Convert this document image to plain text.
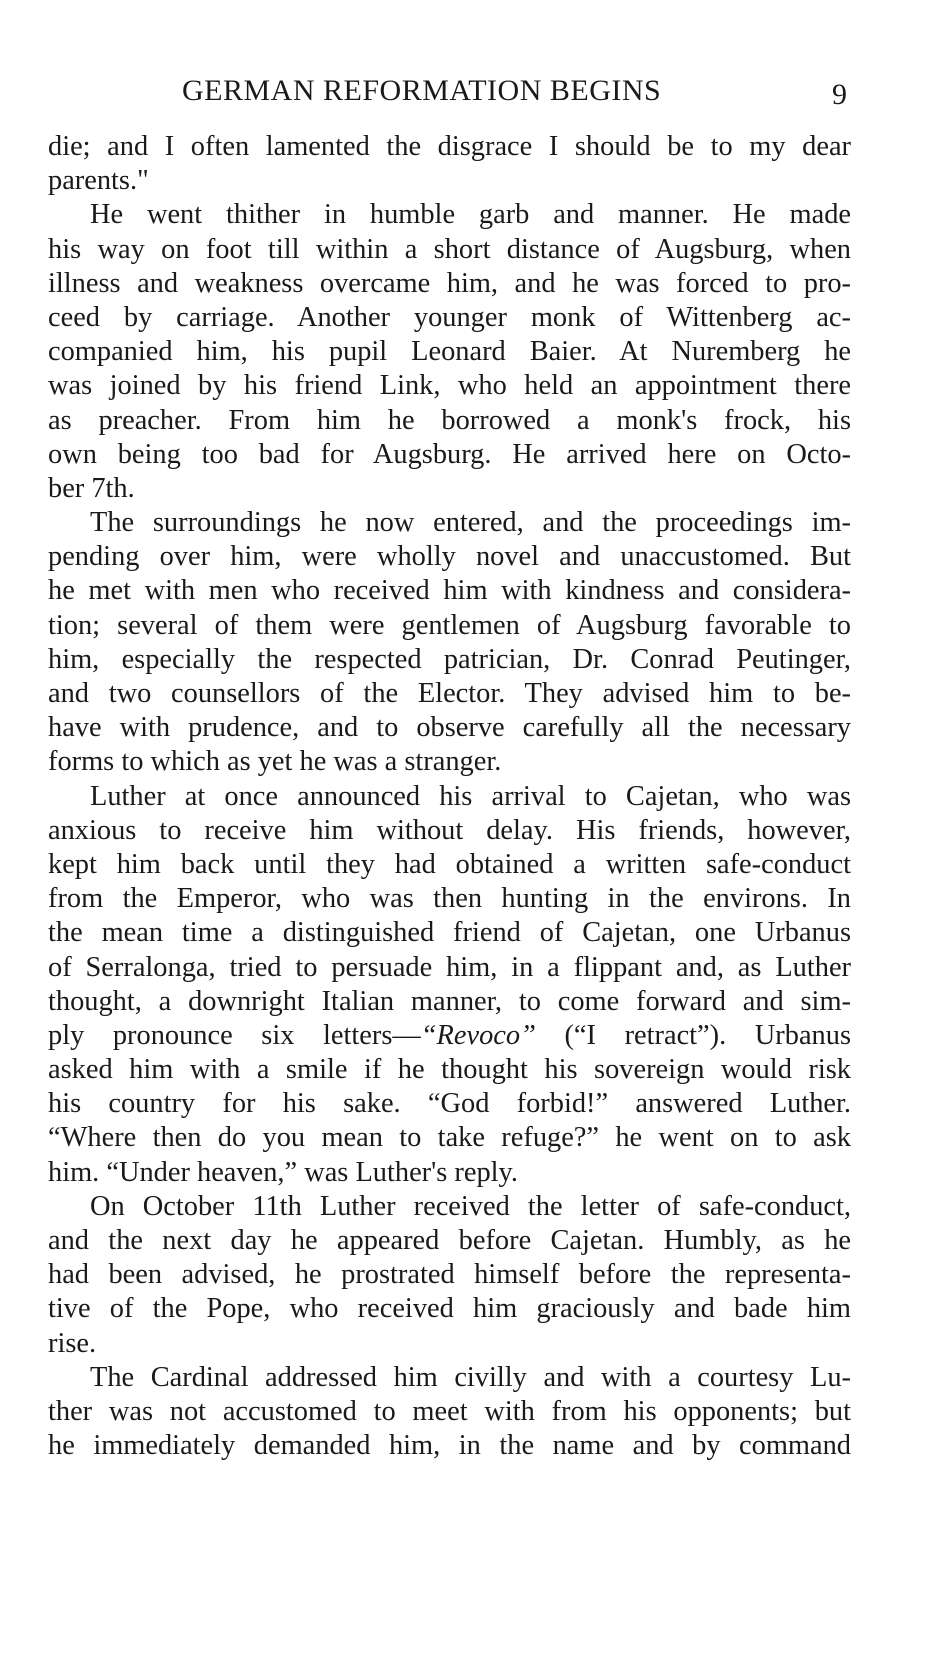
GERMAN REFORMATION BEGINS	9
die; and I often lamented the disgrace I should be to my dear
parents."
He went thither in humble garb and manner. He made
his way on foot till within a short distance of Augsburg, when
illness and weakness overcame him, and he was forced to pro-
ceed by carriage. Another younger monk of Wittenberg ac-
companied him, his pupil Leonard Baier. At Nuremberg he
was joined by his friend Link, who held an appointment there
as preacher. From him he borrowed a monk's frock, his
own being too bad for Augsburg. He arrived here on Octo-
ber 7th.
The surroundings he now entered, and the proceedings im-
pending over him, were wholly novel and unaccustomed. But
he met with men who received him with kindness and considera-
tion; several of them were gentlemen of Augsburg favorable to
him, especially the respected patrician, Dr. Conrad Peutinger,
and two counsellors of the Elector. They advised him to be-
have with prudence, and to observe carefully all the necessary
forms to which as yet he was a stranger.
Luther at once announced his arrival to Cajetan, who was
anxious to receive him without delay. His friends, however,
kept him back until they had obtained a written safe-conduct
from the Emperor, who was then hunting in the environs. In
the mean time a distinguished friend of Cajetan, one Urbanus
of Serralonga, tried to persuade him, in a flippant and, as Luther
thought, a downright Italian manner, to come forward and sim-
ply pronounce six letters—“Revoco” (“I retract”). Urbanus
asked him with a smile if he thought his sovereign would risk
his country for his sake. “God forbid!” answered Luther.
“Where then do you mean to take refuge?” he went on to ask
him. “Under heaven,” was Luther's reply.
On October 11th Luther received the letter of safe-conduct,
and the next day he appeared before Cajetan. Humbly, as he
had been advised, he prostrated himself before the representa-
tive of the Pope, who received him graciously and bade him
rise.
The Cardinal addressed him civilly and with a courtesy Lu-
ther was not accustomed to meet with from his opponents; but
he immediately demanded him, in the name and by command
